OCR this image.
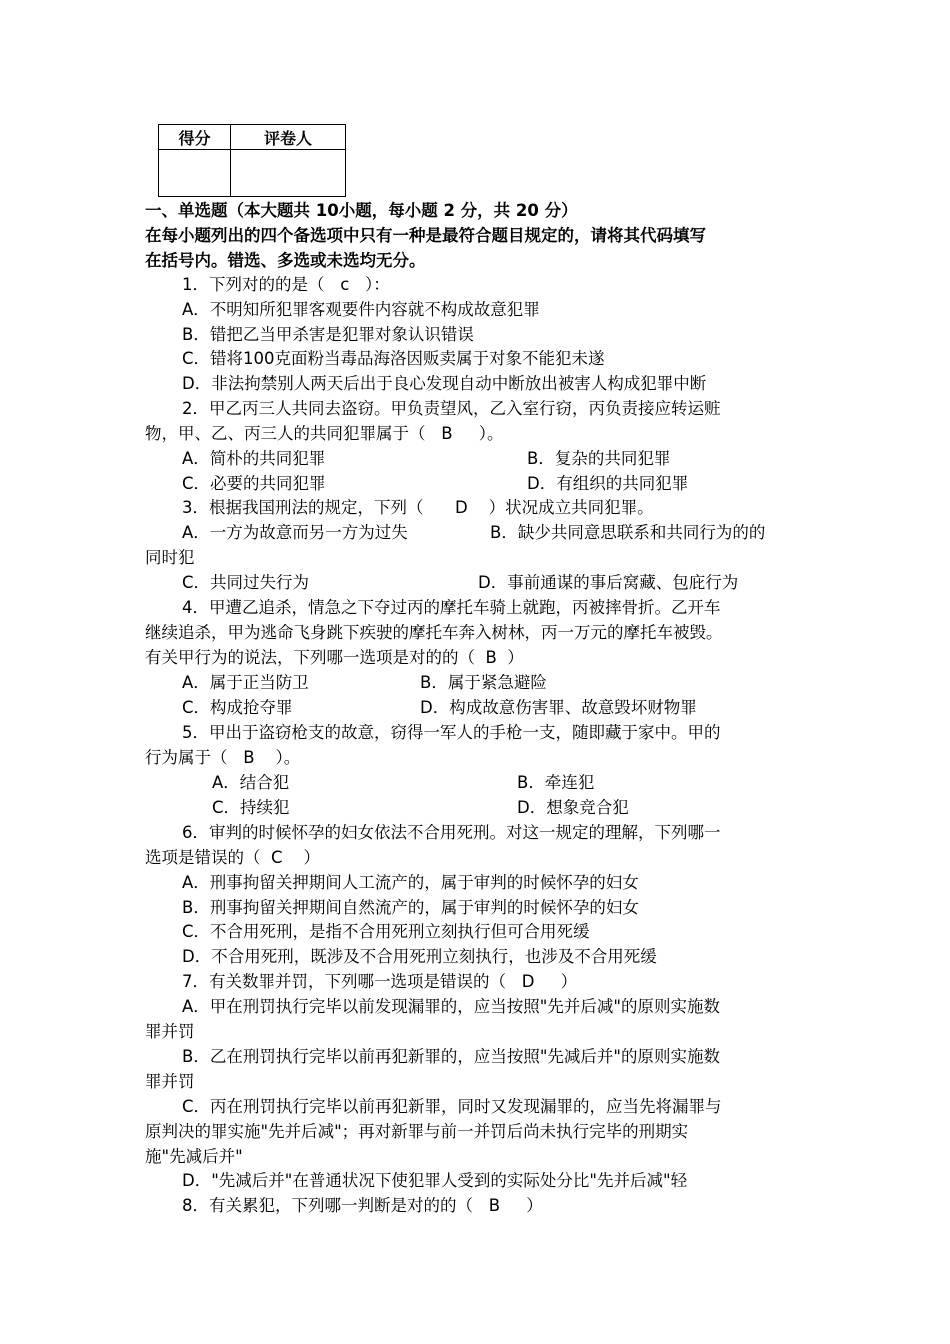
得分	评卷人

一、单选题（本大题共 10小题，每小题 2 分，共 20 分）
在每小题列出的四个备选项中只有一种是最符合题目规定的，请将其代码填写
在括号内。错选、多选或未选均无分。
1．下列对的的是（   c   ）：
A．不明知所犯罪客观要件内容就不构成故意犯罪
B．错把乙当甲杀害是犯罪对象认识错误
C．错将100克面粉当毒品海洛因贩卖属于对象不能犯未遂
D．非法拘禁别人两天后出于良心发现自动中断放出被害人构成犯罪中断
2．甲乙丙三人共同去盗窃。甲负责望风，乙入室行窃，丙负责接应转运赃
物，甲、乙、丙三人的共同犯罪属于（   B     ）。
A．简朴的共同犯罪	B．复杂的共同犯罪
C．必要的共同犯罪	D．有组织的共同犯罪
3．根据我国刑法的规定，下列（      D    ）状况成立共同犯罪。
A．一方为故意而另一方为过失	B．缺少共同意思联系和共同行为的的
同时犯
C．共同过失行为	D．事前通谋的事后窝藏、包庇行为
4．甲遭乙追杀，情急之下夺过丙的摩托车骑上就跑，丙被摔骨折。乙开车
继续追杀，甲为逃命飞身跳下疾驶的摩托车奔入树林，丙一万元的摩托车被毁。
有关甲行为的说法，下列哪一选项是对的的（  B  ）
A．属于正当防卫	B．属于紧急避险
C．构成抢夺罪	D．构成故意伤害罪、故意毁坏财物罪
5．甲出于盗窃枪支的故意，窃得一军人的手枪一支，随即藏于家中。甲的
行为属于（   B    ）。
A．结合犯	B．牵连犯
C．持续犯	D．想象竞合犯
6．审判的时候怀孕的妇女依法不合用死刑。对这一规定的理解，下列哪一
选项是错误的（  C    ）
A．刑事拘留关押期间人工流产的，属于审判的时候怀孕的妇女
B．刑事拘留关押期间自然流产的，属于审判的时候怀孕的妇女
C．不合用死刑，是指不合用死刑立刻执行但可合用死缓
D．不合用死刑，既涉及不合用死刑立刻执行，也涉及不合用死缓
7．有关数罪并罚，下列哪一选项是错误的（   D     ）
A．甲在刑罚执行完毕以前发现漏罪的，应当按照"先并后减"的原则实施数
罪并罚
B．乙在刑罚执行完毕以前再犯新罪的，应当按照"先减后并"的原则实施数
罪并罚
C．丙在刑罚执行完毕以前再犯新罪，同时又发现漏罪的，应当先将漏罪与
原判决的罪实施"先并后减"；再对新罪与前一并罚后尚未执行完毕的刑期实
施"先减后并"
D．"先减后并"在普通状况下使犯罪人受到的实际处分比"先并后减"轻
8．有关累犯，下列哪一判断是对的的（   B     ）
